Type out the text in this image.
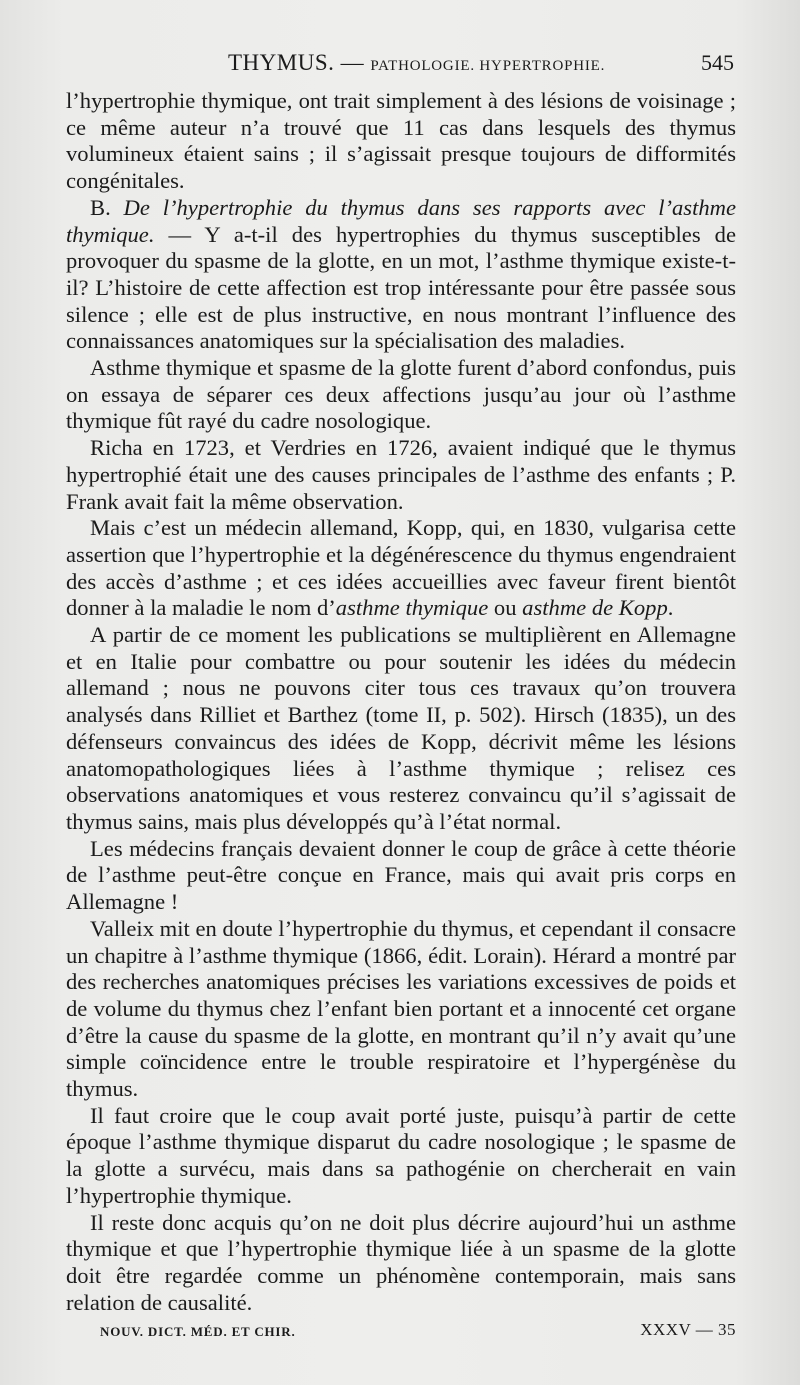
THYMUS. — PATHOLOGIE. HYPERTROPHIE.	545

l’hypertrophie thymique, ont trait simplement à des lésions de voisinage ; ce même auteur n’a trouvé que 11 cas dans lesquels des thymus volumineux étaient sains ; il s’agissait presque toujours de difformités congénitales.

B. De l’hypertrophie du thymus dans ses rapports avec l’asthme thymique. — Y a-t-il des hypertrophies du thymus susceptibles de provoquer du spasme de la glotte, en un mot, l’asthme thymique existe-t-il? L’histoire de cette affection est trop intéressante pour être passée sous silence ; elle est de plus instructive, en nous montrant l’influence des connaissances anatomiques sur la spécialisation des maladies.

Asthme thymique et spasme de la glotte furent d’abord confondus, puis on essaya de séparer ces deux affections jusqu’au jour où l’asthme thymique fût rayé du cadre nosologique.

Richa en 1723, et Verdries en 1726, avaient indiqué que le thymus hypertrophié était une des causes principales de l’asthme des enfants ; P. Frank avait fait la même observation.

Mais c’est un médecin allemand, Kopp, qui, en 1830, vulgarisa cette assertion que l’hypertrophie et la dégénérescence du thymus engendraient des accès d’asthme ; et ces idées accueillies avec faveur firent bientôt donner à la maladie le nom d’asthme thymique ou asthme de Kopp.

A partir de ce moment les publications se multiplièrent en Allemagne et en Italie pour combattre ou pour soutenir les idées du médecin allemand ; nous ne pouvons citer tous ces travaux qu’on trouvera analysés dans Rilliet et Barthez (tome II, p. 502). Hirsch (1835), un des défenseurs convaincus des idées de Kopp, décrivit même les lésions anatomopathologiques liées à l’asthme thymique ; relisez ces observations anatomiques et vous resterez convaincu qu’il s’agissait de thymus sains, mais plus développés qu’à l’état normal.

Les médecins français devaient donner le coup de grâce à cette théorie de l’asthme peut-être conçue en France, mais qui avait pris corps en Allemagne !

Valleix mit en doute l’hypertrophie du thymus, et cependant il consacre un chapitre à l’asthme thymique (1866, édit. Lorain). Hérard a montré par des recherches anatomiques précises les variations excessives de poids et de volume du thymus chez l’enfant bien portant et a innocenté cet organe d’être la cause du spasme de la glotte, en montrant qu’il n’y avait qu’une simple coïncidence entre le trouble respiratoire et l’hypergénèse du thymus.

Il faut croire que le coup avait porté juste, puisqu’à partir de cette époque l’asthme thymique disparut du cadre nosologique ; le spasme de la glotte a survécu, mais dans sa pathogénie on chercherait en vain l’hypertrophie thymique.

Il reste donc acquis qu’on ne doit plus décrire aujourd’hui un asthme thymique et que l’hypertrophie thymique liée à un spasme de la glotte doit être regardée comme un phénomène contemporain, mais sans relation de causalité.

NOUV. DICT. MÉD. ET CHIR.	XXXV — 35
